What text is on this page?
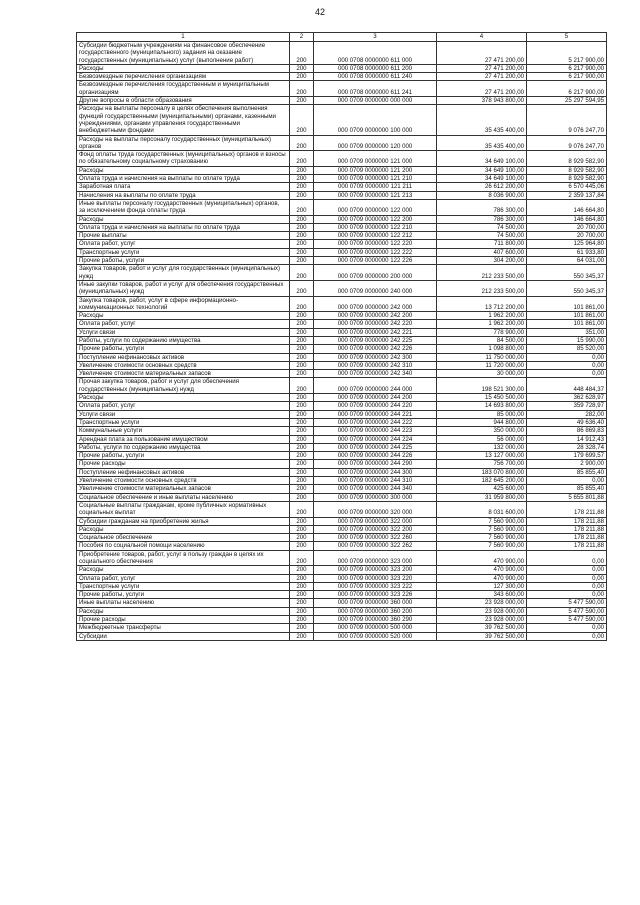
42
1	2	3	4	5
Субсидии бюджетным учреждениям на финансовое обеспечение государственного (муниципального) задания на оказание государственных (муниципальных) услуг (выполнение работ)	200	000 0708 0000000 611 000	27 471 200,00	5 217 900,00
Расходы	200	000 0708 0000000 611 200	27 471 200,00	6 217 900,00
Безвозмездные перечисления организациям	200	000 0708 0000000 611 240	27 471 200,00	6 217 900,00
Безвозмездные перечисления государственным и муниципальным организациям	200	000 0708 0000000 611 241	27 471 200,00	6 217 900,00
Другие вопросы в области образования	200	000 0709 0000000 000 000	378 943 800,00	25 297 594,95
Расходы на выплаты персоналу в целях обеспечения выполнения функций государственными (муниципальными) органами, казенными учреждениями, органами управления государственными внебюджетными фондами	200	000 0709 0000000 100 000	35 435 400,00	9 076 247,70
Расходы на выплаты персоналу государственных (муниципальных) органов	200	000 0709 0000000 120 000	35 435 400,00	9 076 247,70
Фонд оплаты труда государственных (муниципальных) органов и взносы по обязательному социальному страхованию	200	000 0709 0000000 121 000	34 649 100,00	8 929 582,90
Расходы	200	000 0709 0000000 121 200	34 649 100,00	8 929 582,90
Оплата труда и начисления на выплаты по оплате труда	200	000 0709 0000000 121 210	34 649 100,00	8 929 582,90
Заработная плата	200	000 0709 0000000 121 211	26 612 200,00	6 570 445,06
Начисления на выплаты по оплате труда	200	000 0709 0000000 121 213	8 036 900,00	2 359 137,84
Иные выплаты персоналу государственных (муниципальных) органов, за исключением фонда оплаты труда	200	000 0709 0000000 122 000	786 300,00	146 664,80
Расходы	200	000 0709 0000000 122 200	786 300,00	146 664,80
Оплата труда и начисления на выплаты по оплате труда	200	000 0709 0000000 122 210	74 500,00	20 700,00
Прочие выплаты	200	000 0709 0000000 122 212	74 500,00	20 700,00
Оплата работ, услуг	200	000 0709 0000000 122 220	711 800,00	125 964,80
Транспортные услуги	200	000 0709 0000000 122 222	407 600,00	61 933,80
Прочие работы, услуги	200	000 0709 0000000 122 226	304 200,00	64 031,00
Закупка товаров, работ и услуг для государственных (муниципальных) нужд	200	000 0709 0000000 200 000	212 233 500,00	550 345,37
Иные закупки товаров, работ и услуг для обеспечения государственных (муниципальных) нужд	200	000 0709 0000000 240 000	212 233 500,00	550 345,37
Закупка товаров, работ, услуг в сфере информационно-коммуникационных технологий	200	000 0709 0000000 242 000	13 712 200,00	101 861,00
Расходы	200	000 0709 0000000 242 200	1 962 200,00	101 861,00
Оплата работ, услуг	200	000 0709 0000000 242 220	1 962 200,00	101 861,00
Услуги связи	200	000 0709 0000000 242 221	778 900,00	351,00
Работы, услуги по содержанию имущества	200	000 0709 0000000 242 225	84 500,00	15 990,00
Прочие работы, услуги	200	000 0709 0000000 242 226	1 098 800,00	85 520,00
Поступление нефинансовых активов	200	000 0709 0000000 242 300	11 750 000,00	0,00
Увеличение стоимости основных средств	200	000 0709 0000000 242 310	11 720 000,00	0,00
Увеличение стоимости материальных запасов	200	000 0709 0000000 242 340	30 000,00	0,00
Прочая закупка товаров, работ и услуг для обеспечения государственных (муниципальных) нужд	200	000 0709 0000000 244 000	198 521 300,00	448 484,37
Расходы	200	000 0709 0000000 244 200	15 450 500,00	362 628,97
Оплата работ, услуг	200	000 0709 0000000 244 220	14 693 800,00	359 728,97
Услуги связи	200	000 0709 0000000 244 221	85 000,00	282,00
Транспортные услуги	200	000 0709 0000000 244 222	944 800,00	49 636,40
Коммунальные услуги	200	000 0709 0000000 244 223	350 000,00	86 869,83
Арендная плата за пользование имуществом	200	000 0709 0000000 244 224	56 000,00	14 912,43
Работы, услуги по содержанию имущества	200	000 0709 0000000 244 225	132 000,00	28 328,74
Прочие работы, услуги	200	000 0709 0000000 244 226	13 127 000,00	179 699,57
Прочие расходы	200	000 0709 0000000 244 290	756 700,00	2 900,00
Поступление нефинансовых активов	200	000 0709 0000000 244 300	183 070 800,00	85 855,40
Увеличение стоимости основных средств	200	000 0709 0000000 244 310	182 645 200,00	0,00
Увеличение стоимости материальных запасов	200	000 0709 0000000 244 340	425 600,00	85 855,40
Социальное обеспечение и иные выплаты населению	200	000 0709 0000000 300 000	31 959 800,00	5 655 801,88
Социальные выплаты гражданам, кроме публичных нормативных социальных выплат	200	000 0709 0000000 320 000	8 031 600,00	178 211,88
Субсидии гражданам на приобретение жилья	200	000 0709 0000000 322 000	7 560 900,00	178 211,88
Расходы	200	000 0709 0000000 322 200	7 560 900,00	178 211,88
Социальное обеспечение	200	000 0709 0000000 322 260	7 560 900,00	178 211,88
Пособия по социальной помощи населению	200	000 0709 0000000 322 262	7 560 900,00	178 211,88
Приобретение товаров, работ, услуг в пользу граждан в целях их социального обеспечения	200	000 0709 0000000 323 000	470 900,00	0,00
Расходы	200	000 0709 0000000 323 200	470 900,00	0,00
Оплата работ, услуг	200	000 0709 0000000 323 220	470 900,00	0,00
Транспортные услуги	200	000 0709 0000000 323 222	127 300,00	0,00
Прочие работы, услуги	200	000 0709 0000000 323 226	343 600,00	0,00
Иные выплаты населению	200	000 0709 0000000 360 000	23 928 000,00	5 477 590,00
Расходы	200	000 0709 0000000 360 200	23 928 000,00	5 477 590,00
Прочие расходы	200	000 0709 0000000 360 290	23 928 000,00	5 477 590,00
Межбюджетные трансферты	200	000 0709 0000000 500 000	39 762 500,00	0,00
Субсидии	200	000 0709 0000000 520 000	39 762 500,00	0,00
